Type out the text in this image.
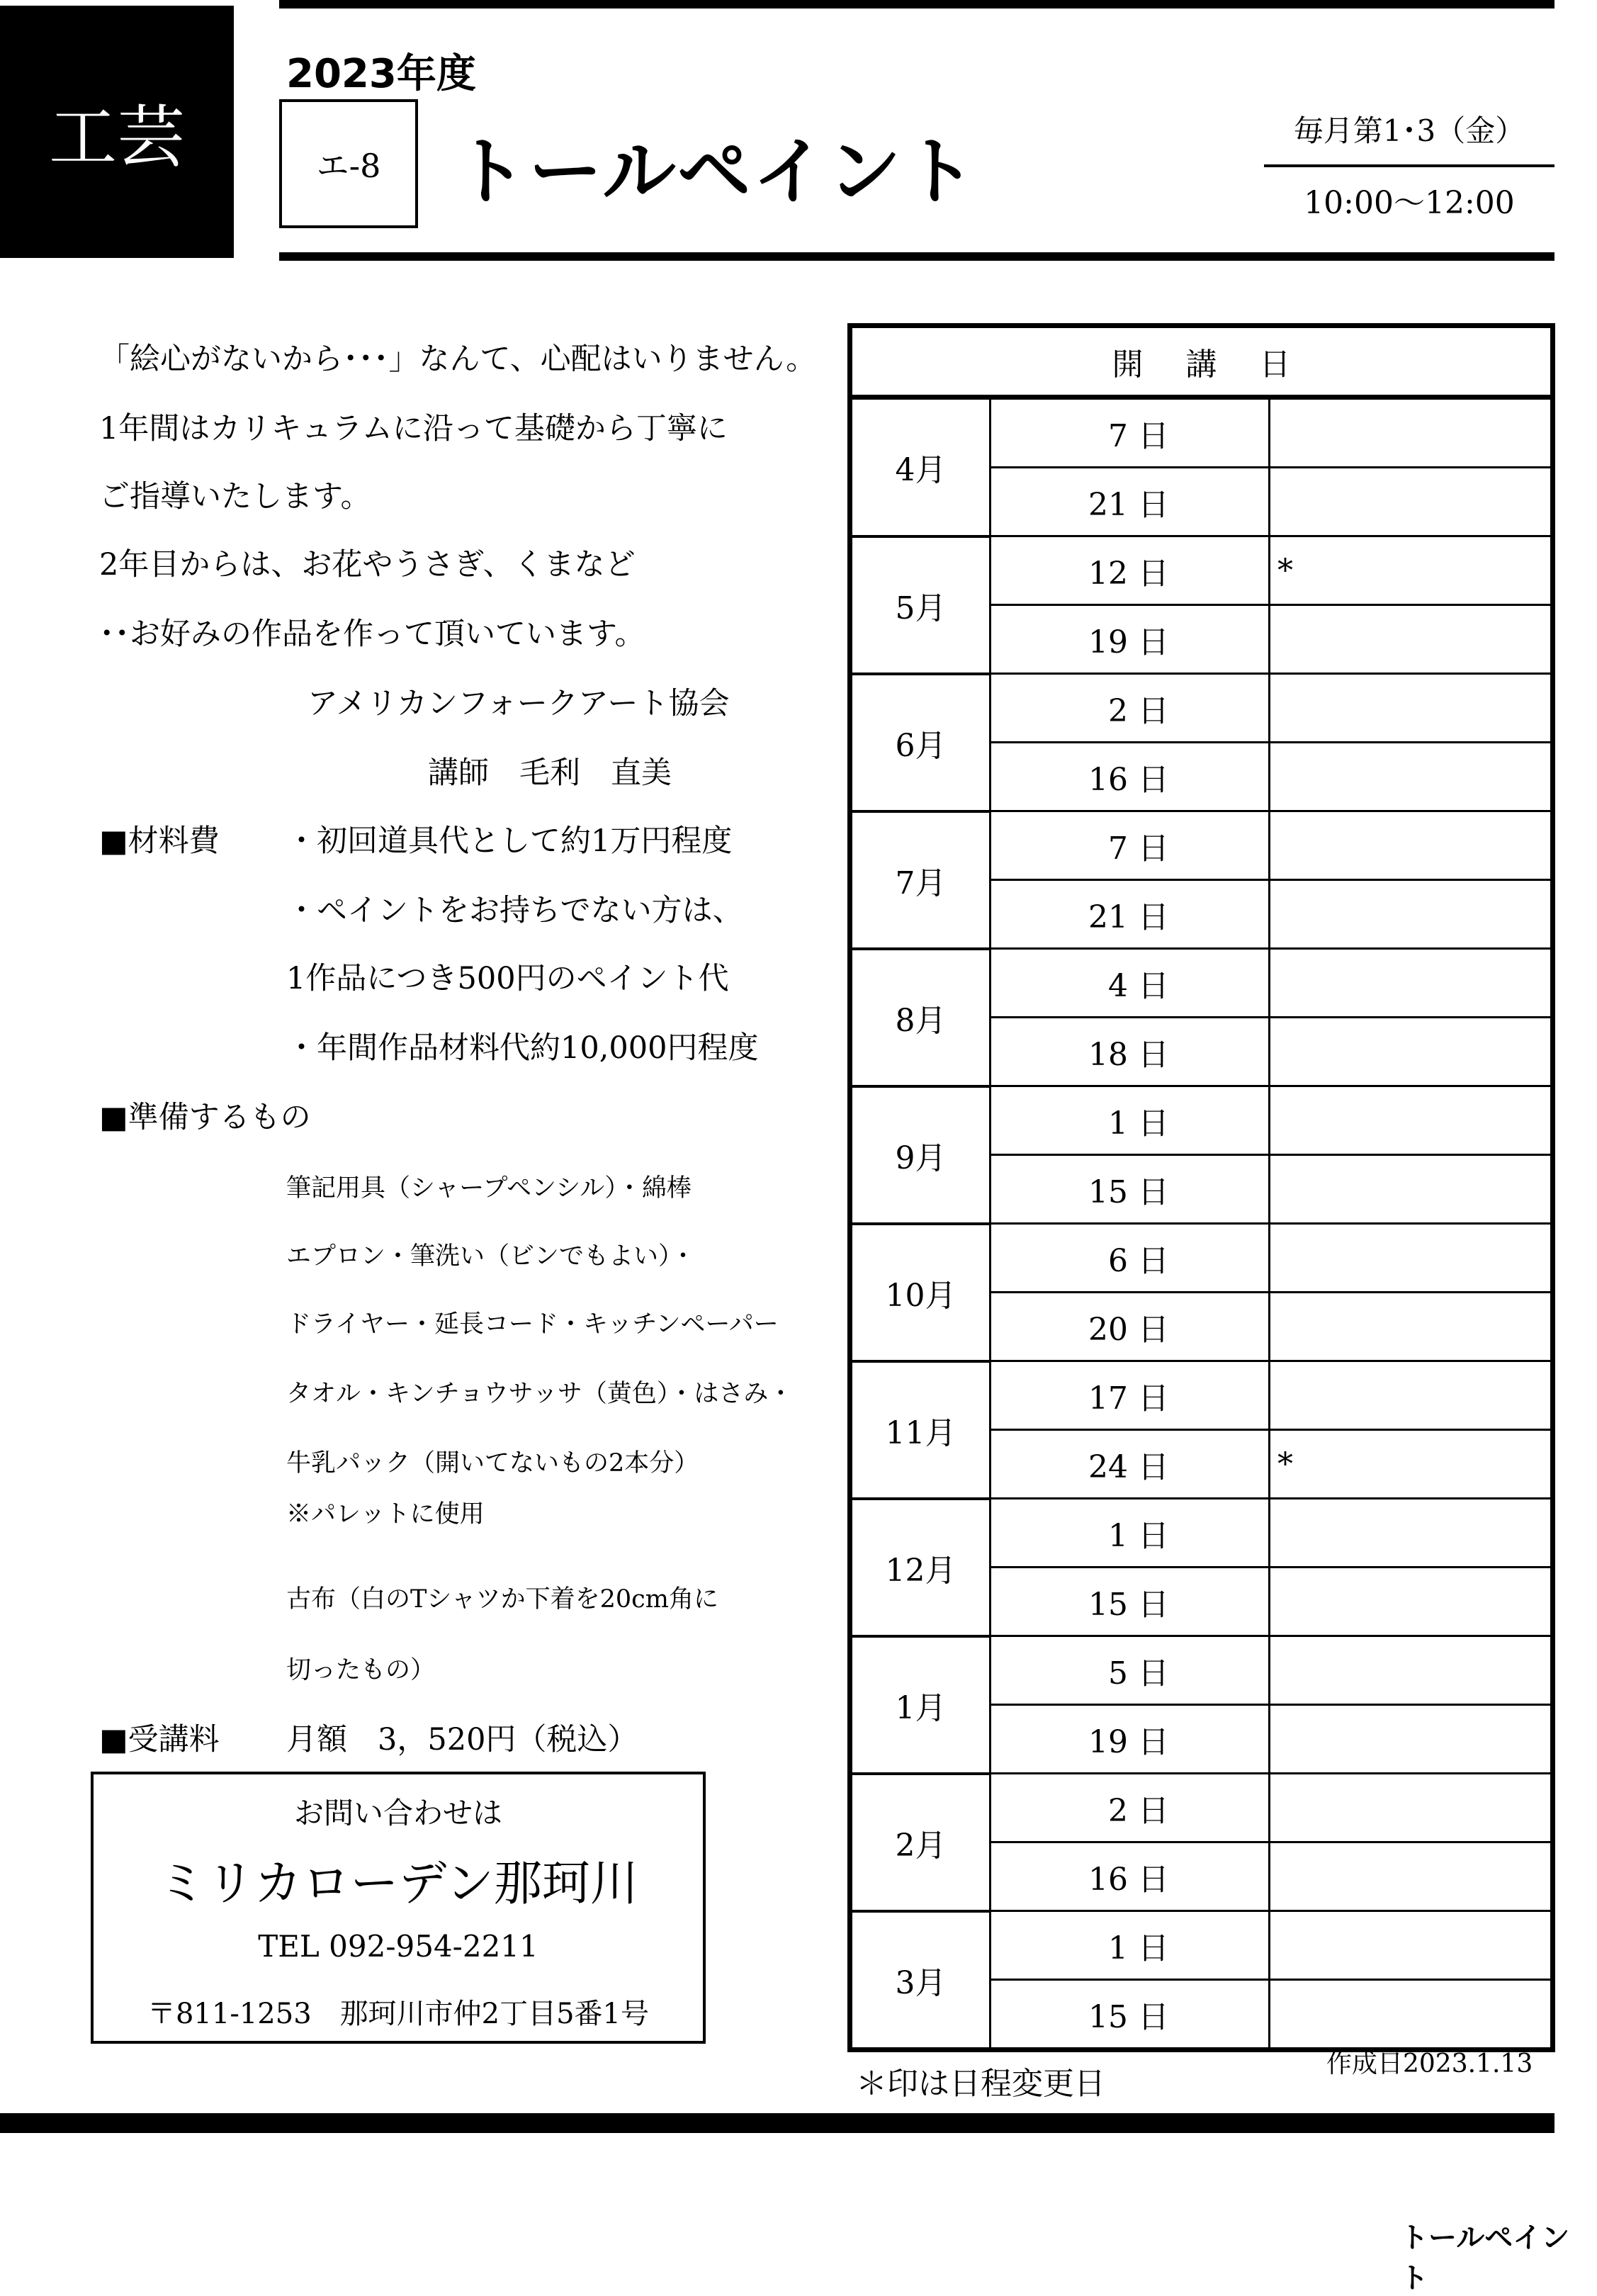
工芸
2023年度
エ-8 トールペイント	毎月第1･3（金）
10:00～12:00
「絵心がないから･･･」なんて、心配はいりません。
1年間はカリキュラムに沿って基礎から丁寧に
ご指導いたします。
2年目からは、お花やうさぎ、くまなど
･･お好みの作品を作って頂いています。
アメリカンフォークアート協会
講師　毛利　直美
■材料費 ・初回道具代として約1万円程度
・ペイントをお持ちでない方は、
1作品につき500円のペイント代
・年間作品材料代約10,000円程度
■準備するもの
筆記用具（シャープペンシル）・綿棒
エプロン・筆洗い（ビンでもよい）・
ドライヤー・延長コード・キッチンペーパー
タオル・キンチョウサッサ（黄色）・はさみ・
牛乳パック（開いてないもの2本分）
※パレットに使用
古布（白のTシャツか下着を20cm角に
切ったもの）
■受講料 月額　3，520円（税込）
お問い合わせは
ミリカローデン那珂川
TEL 092-954-2211
〒811-1253　那珂川市仲2丁目5番1号
開講日		
4月	7 日	
	21 日	
5月	12 日	*
	19 日	
6月	2 日	
	16 日	
7月	7 日	
	21 日	
8月	4 日	
	18 日	
9月	1 日	
	15 日	
10月	6 日	
	20 日	
11月	17 日	
	24 日	*
12月	1 日	
	15 日	
1月	5 日	
	19 日	
2月	2 日	
	16 日	
3月	1 日	
	15 日	
＊印は日程変更日
作成日2023.1.13
トールペイント
